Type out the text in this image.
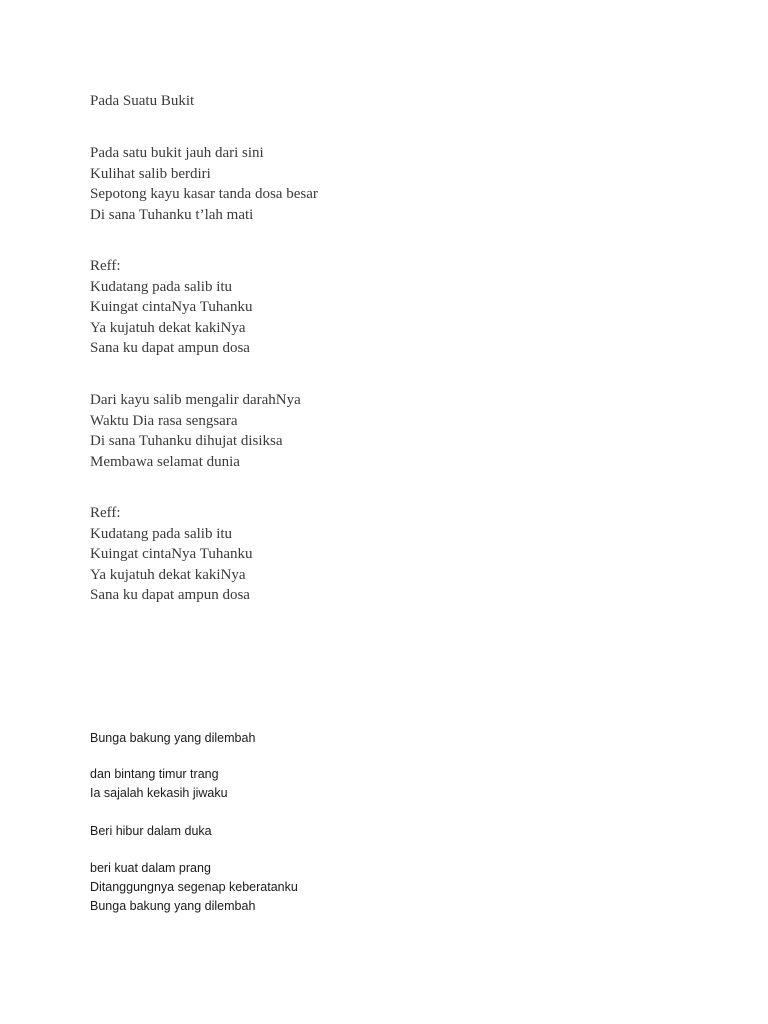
Pada Suatu Bukit
Pada satu bukit jauh dari sini
Kulihat salib berdiri
Sepotong kayu kasar tanda dosa besar
Di sana Tuhanku t’lah mati
Reff:
Kudatang pada salib itu
Kuingat cintaNya Tuhanku
Ya kujatuh dekat kakiNya
Sana ku dapat ampun dosa
Dari kayu salib mengalir darahNya
Waktu Dia rasa sengsara
Di sana Tuhanku dihujat disiksa
Membawa selamat dunia
Reff:
Kudatang pada salib itu
Kuingat cintaNya Tuhanku
Ya kujatuh dekat kakiNya
Sana ku dapat ampun dosa
Bunga bakung yang dilembah
dan bintang timur trang
Ia sajalah kekasih jiwaku
Beri hibur dalam duka
beri kuat dalam prang
Ditanggungnya segenap keberatanku
Bunga bakung yang dilembah
